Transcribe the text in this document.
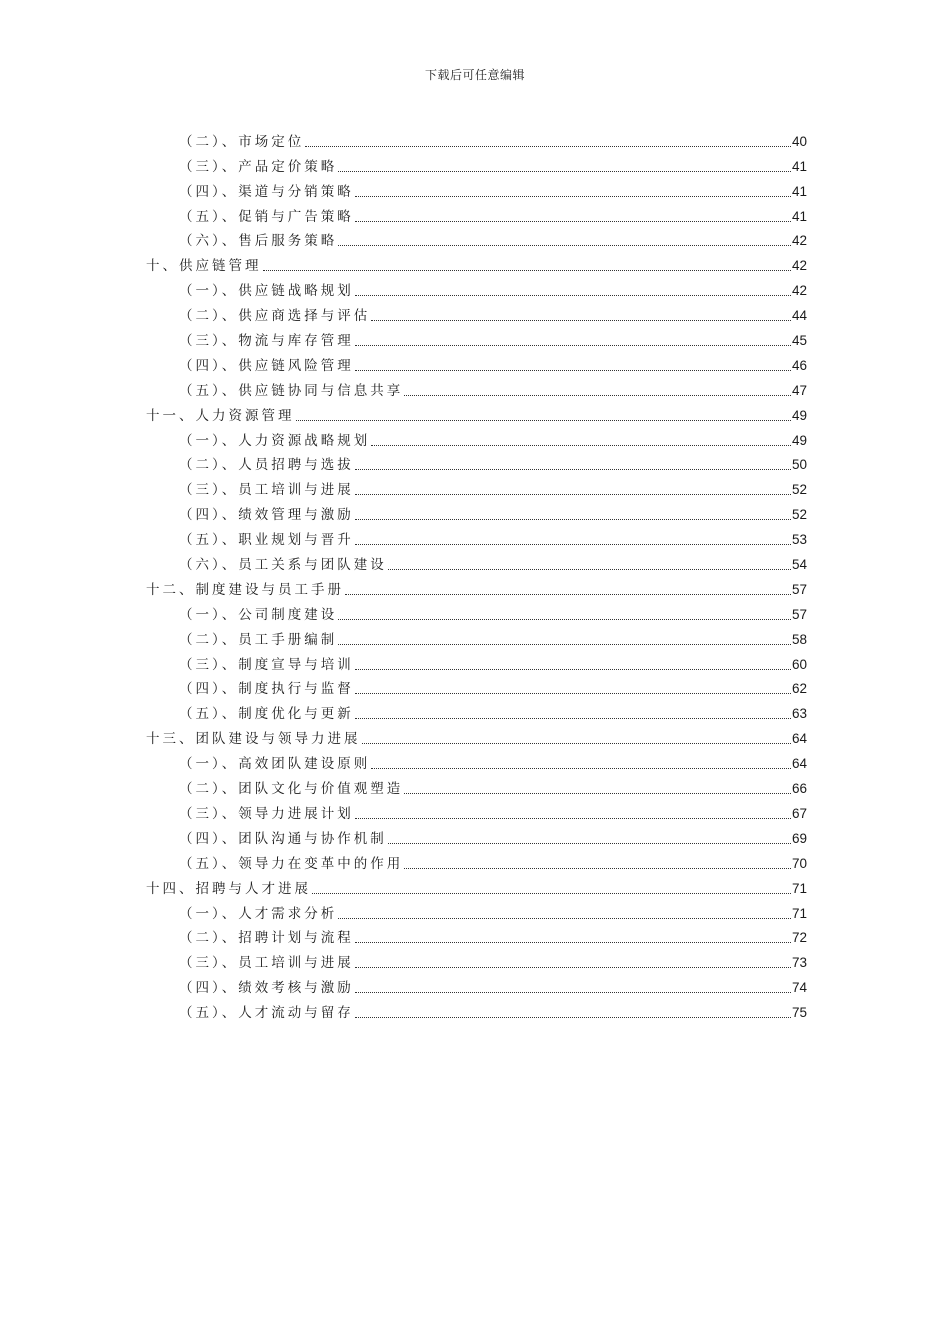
下载后可任意编辑
（二）、市场定位	40
（三）、产品定价策略	41
（四）、渠道与分销策略	41
（五）、促销与广告策略	41
（六）、售后服务策略	42
十、供应链管理	42
（一）、供应链战略规划	42
（二）、供应商选择与评估	44
（三）、物流与库存管理	45
（四）、供应链风险管理	46
（五）、供应链协同与信息共享	47
十一、人力资源管理	49
（一）、人力资源战略规划	49
（二）、人员招聘与选拔	50
（三）、员工培训与进展	52
（四）、绩效管理与激励	52
（五）、职业规划与晋升	53
（六）、员工关系与团队建设	54
十二、制度建设与员工手册	57
（一）、公司制度建设	57
（二）、员工手册编制	58
（三）、制度宣导与培训	60
（四）、制度执行与监督	62
（五）、制度优化与更新	63
十三、团队建设与领导力进展	64
（一）、高效团队建设原则	64
（二）、团队文化与价值观塑造	66
（三）、领导力进展计划	67
（四）、团队沟通与协作机制	69
（五）、领导力在变革中的作用	70
十四、招聘与人才进展	71
（一）、人才需求分析	71
（二）、招聘计划与流程	72
（三）、员工培训与进展	73
（四）、绩效考核与激励	74
（五）、人才流动与留存	75
